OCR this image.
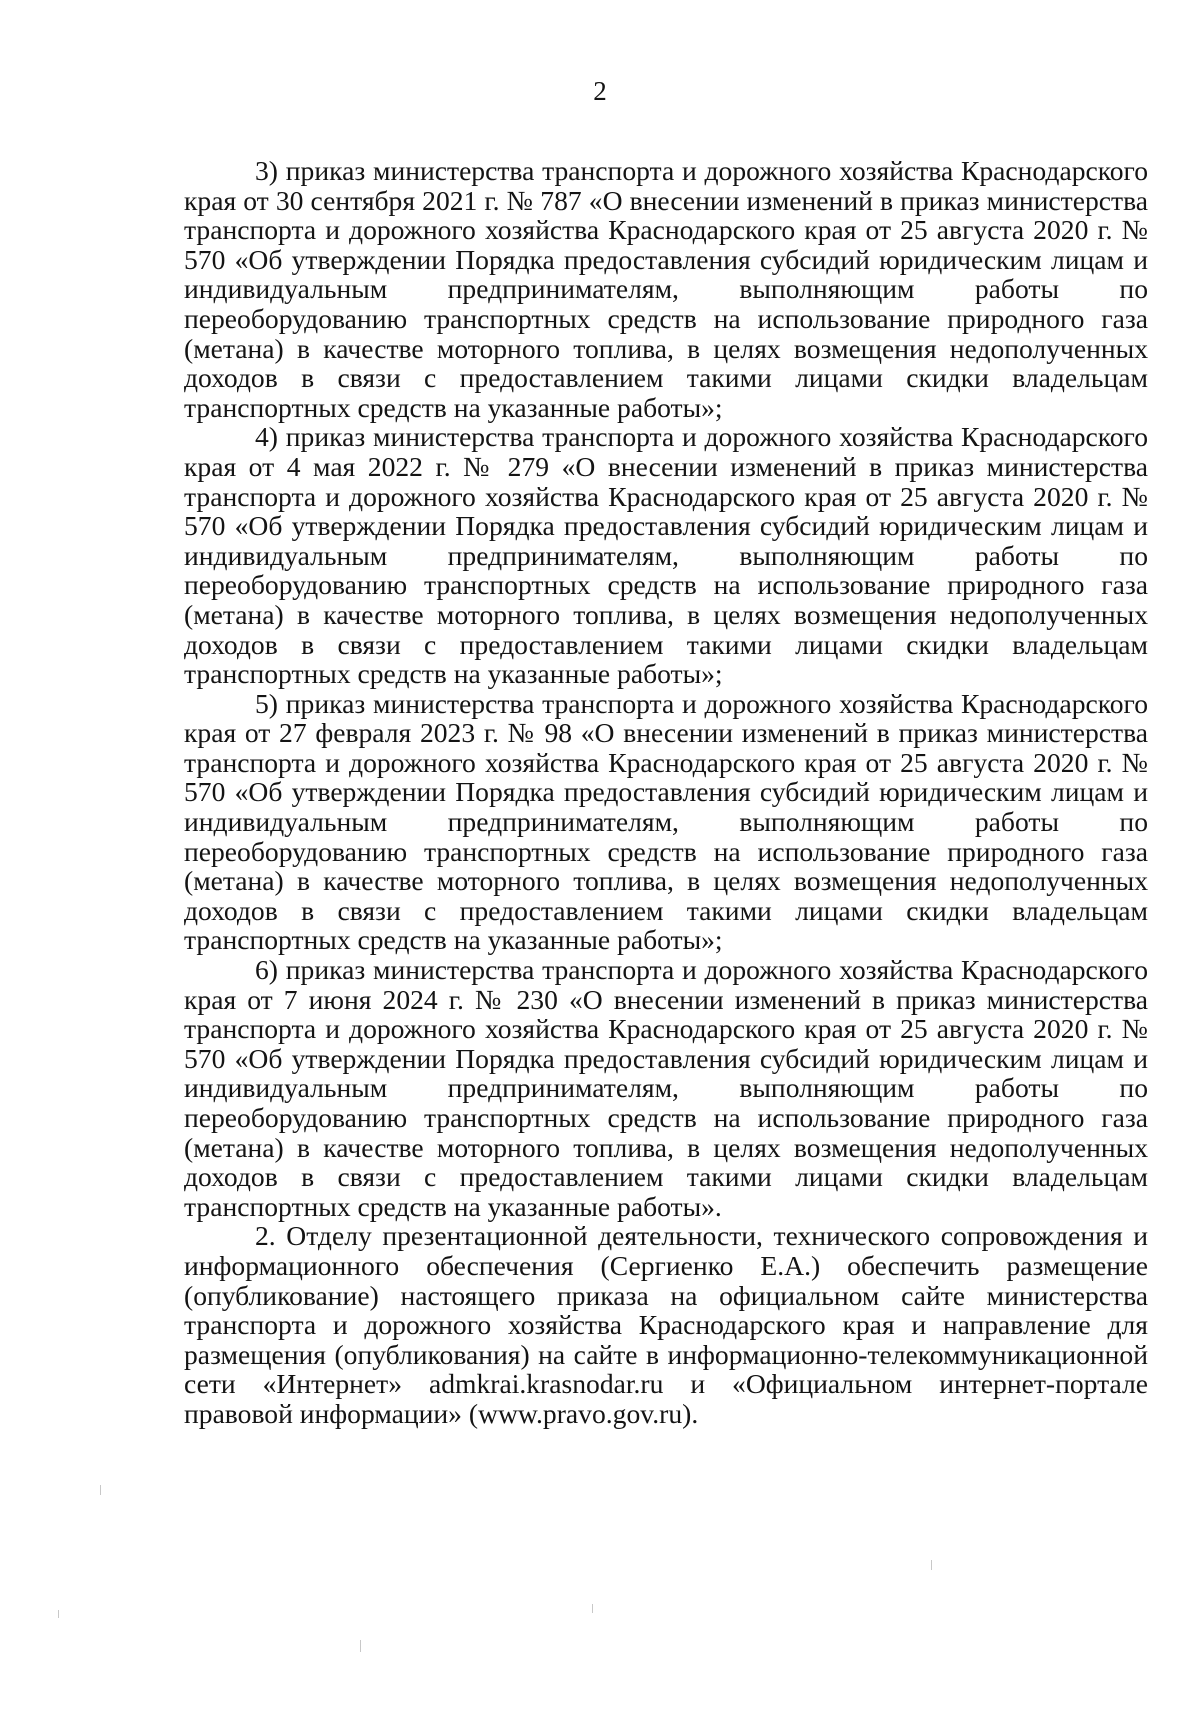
2

3) приказ министерства транспорта и дорожного хозяйства Краснодарского края от 30 сентября 2021 г. № 787 «О внесении изменений в приказ министерства транспорта и дорожного хозяйства Краснодарского края от 25 августа 2020 г. № 570 «Об утверждении Порядка предоставления субсидий юридическим лицам и индивидуальным предпринимателям, выполняющим работы по переоборудованию транспортных средств на использование природного газа (метана) в качестве моторного топлива, в целях возмещения недополученных доходов в связи с предоставлением такими лицами скидки владельцам транспортных средств на указанные работы»;

4) приказ министерства транспорта и дорожного хозяйства Краснодарского края от 4 мая 2022 г. № 279 «О внесении изменений в приказ министерства транспорта и дорожного хозяйства Краснодарского края от 25 августа 2020 г. № 570 «Об утверждении Порядка предоставления субсидий юридическим лицам и индивидуальным предпринимателям, выполняющим работы по переоборудованию транспортных средств на использование природного газа (метана) в качестве моторного топлива, в целях возмещения недополученных доходов в связи с предоставлением такими лицами скидки владельцам транспортных средств на указанные работы»;

5) приказ министерства транспорта и дорожного хозяйства Краснодарского края от 27 февраля 2023 г. № 98 «О внесении изменений в приказ министерства транспорта и дорожного хозяйства Краснодарского края от 25 августа 2020 г. № 570 «Об утверждении Порядка предоставления субсидий юридическим лицам и индивидуальным предпринимателям, выполняющим работы по переоборудованию транспортных средств на использование природного газа (метана) в качестве моторного топлива, в целях возмещения недополученных доходов в связи с предоставлением такими лицами скидки владельцам транспортных средств на указанные работы»;

6) приказ министерства транспорта и дорожного хозяйства Краснодарского края от 7 июня 2024 г. № 230 «О внесении изменений в приказ министерства транспорта и дорожного хозяйства Краснодарского края от 25 августа 2020 г. № 570 «Об утверждении Порядка предоставления субсидий юридическим лицам и индивидуальным предпринимателям, выполняющим работы по переоборудованию транспортных средств на использование природного газа (метана) в качестве моторного топлива, в целях возмещения недополученных доходов в связи с предоставлением такими лицами скидки владельцам транспортных средств на указанные работы».

2. Отделу презентационной деятельности, технического сопровождения и информационного обеспечения (Сергиенко Е.А.) обеспечить размещение (опубликование) настоящего приказа на официальном сайте министерства транспорта и дорожного хозяйства Краснодарского края и направление для размещения (опубликования) на сайте в информационно-телекоммуникационной сети «Интернет» admkrai.krasnodar.ru и «Официальном интернет-портале правовой информации» (www.pravo.gov.ru).
